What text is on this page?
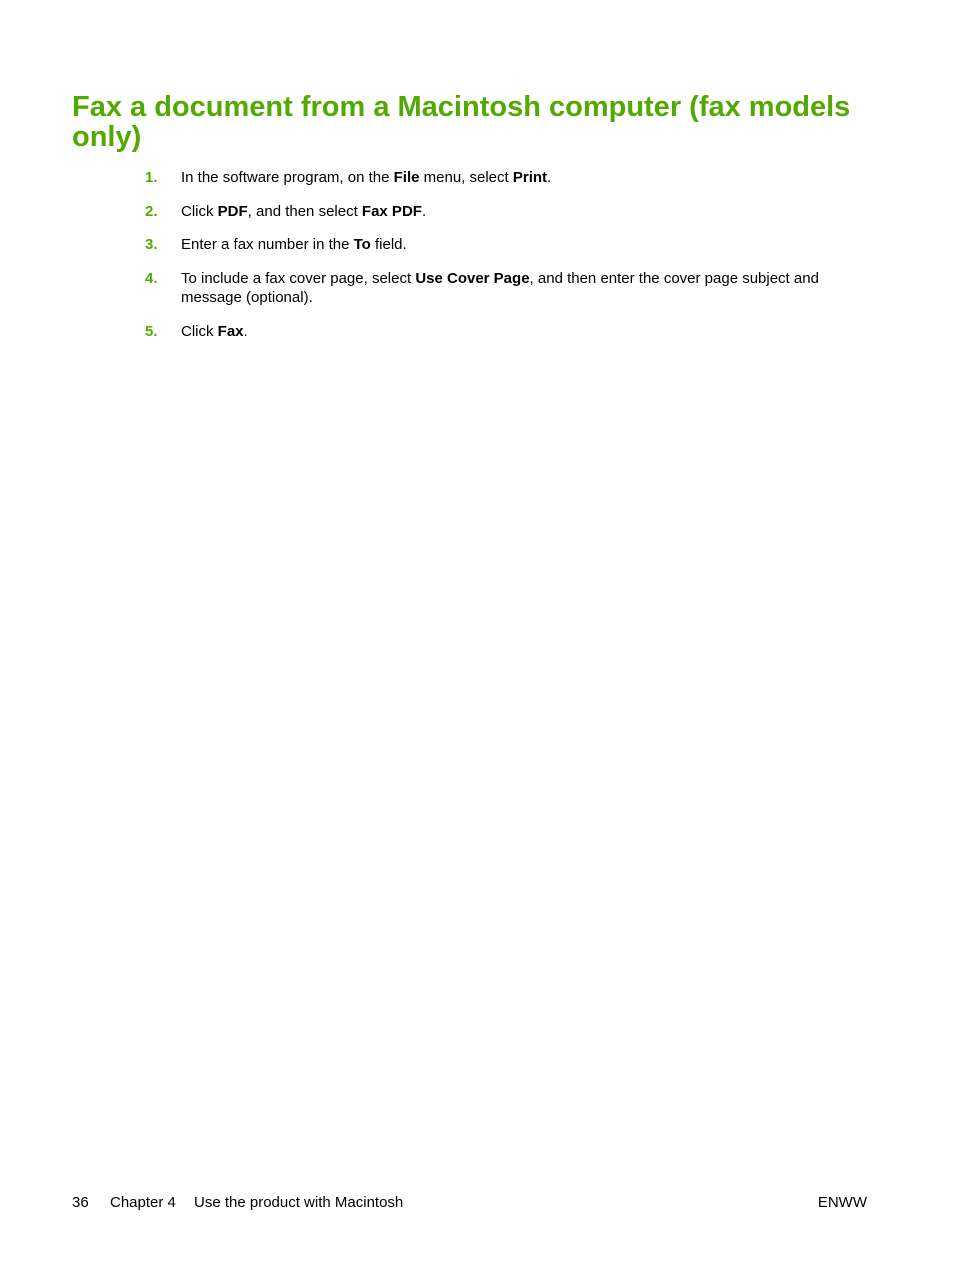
Fax a document from a Macintosh computer (fax models only)
1. In the software program, on the File menu, select Print.
2. Click PDF, and then select Fax PDF.
3. Enter a fax number in the To field.
4. To include a fax cover page, select Use Cover Page, and then enter the cover page subject and message (optional).
5. Click Fax.
36 Chapter 4 Use the product with Macintosh	ENWW
